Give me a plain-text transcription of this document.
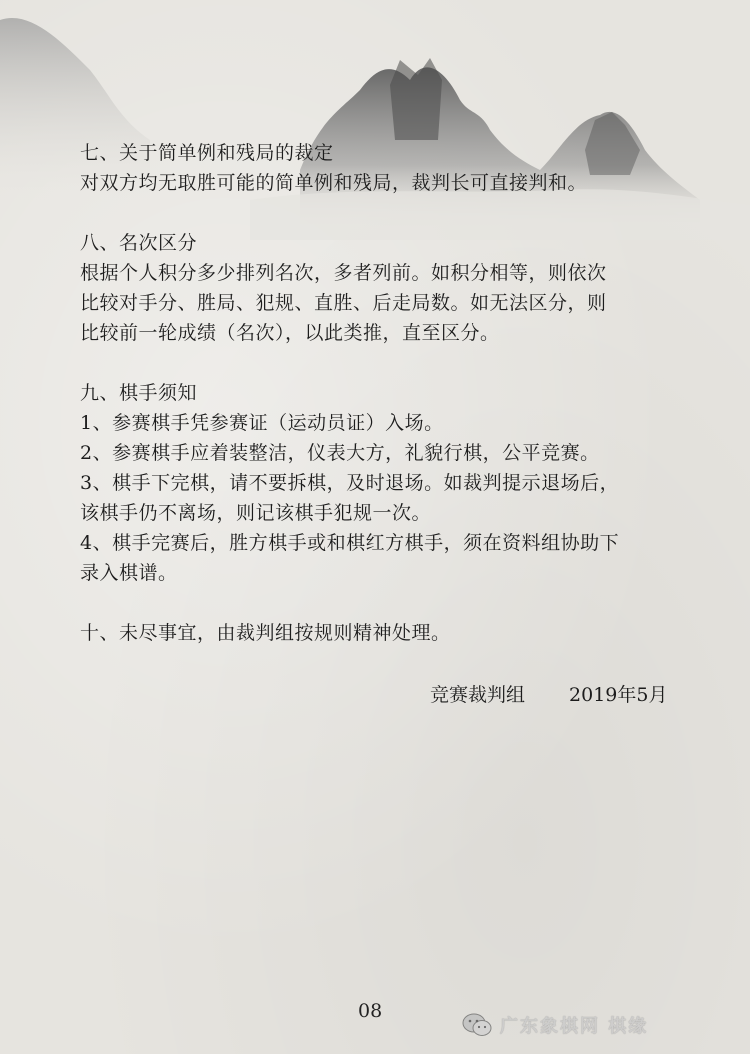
七、关于简单例和残局的裁定
对双方均无取胜可能的简单例和残局，裁判长可直接判和。
八、名次区分
根据个人积分多少排列名次，多者列前。如积分相等，则依次
比较对手分、胜局、犯规、直胜、后走局数。如无法区分，则
比较前一轮成绩（名次），以此类推，直至区分。
九、棋手须知
1、参赛棋手凭参赛证（运动员证）入场。
2、参赛棋手应着装整洁，仪表大方，礼貌行棋，公平竞赛。
3、棋手下完棋，请不要拆棋，及时退场。如裁判提示退场后，
该棋手仍不离场，则记该棋手犯规一次。
4、棋手完赛后，胜方棋手或和棋红方棋手，须在资料组协助下
录入棋谱。
十、未尽事宜，由裁判组按规则精神处理。
竞赛裁判组 2019年5月
08
广东象棋网 棋缘
